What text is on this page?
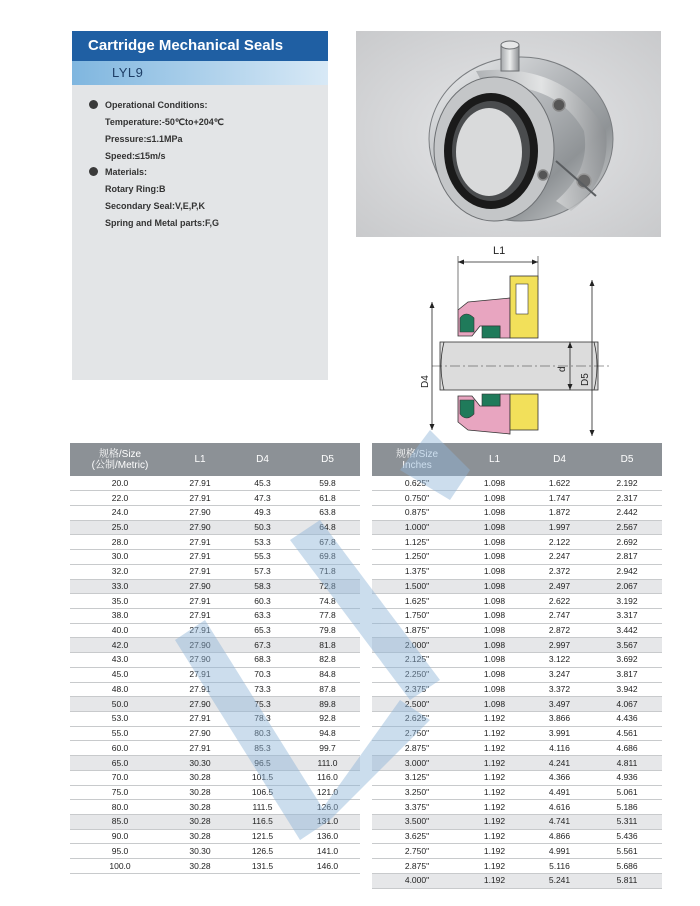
Cartridge Mechanical Seals
LYL9
Operational Conditions:
Temperature:-50℃to+204℃
Pressure:≤1.1MPa
Speed:≤15m/s
Materials:
Rotary Ring:B
Secondary Seal:V,E,P,K
Spring and Metal parts:F,G
L1
D4
d
D5
规格/Size
(公制/Metric)	L1	D4	D5
20.0	27.91	45.3	59.8
22.0	27.91	47.3	61.8
24.0	27.90	49.3	63.8
25.0	27.90	50.3	64.8
28.0	27.91	53.3	67.8
30.0	27.91	55.3	69.8
32.0	27.91	57.3	71.8
33.0	27.90	58.3	72.8
35.0	27.91	60.3	74.8
38.0	27.91	63.3	77.8
40.0	27.91	65.3	79.8
42.0	27.90	67.3	81.8
43.0	27.90	68.3	82.8
45.0	27.91	70.3	84.8
48.0	27.91	73.3	87.8
50.0	27.90	75.3	89.8
53.0	27.91	78.3	92.8
55.0	27.90	80.3	94.8
60.0	27.91	85.3	99.7
65.0	30.30	96.5	111.0
70.0	30.28	101.5	116.0
75.0	30.28	106.5	121.0
80.0	30.28	111.5	126.0
85.0	30.28	116.5	131.0
90.0	30.28	121.5	136.0
95.0	30.30	126.5	141.0
100.0	30.28	131.5	146.0
规格/Size
Inches	L1	D4	D5
0.625"	1.098	1.622	2.192
0.750"	1.098	1.747	2.317
0.875"	1.098	1.872	2.442
1.000"	1.098	1.997	2.567
1.125"	1.098	2.122	2.692
1.250"	1.098	2.247	2.817
1.375"	1.098	2.372	2.942
1.500"	1.098	2.497	2.067
1.625"	1.098	2.622	3.192
1.750"	1.098	2.747	3.317
1.875"	1.098	2.872	3.442
2.000"	1.098	2.997	3.567
2.125"	1.098	3.122	3.692
2.250"	1.098	3.247	3.817
2.375"	1.098	3.372	3.942
2.500"	1.098	3.497	4.067
2.625"	1.192	3.866	4.436
2.750"	1.192	3.991	4.561
2.875"	1.192	4.116	4.686
3.000"	1.192	4.241	4.811
3.125"	1.192	4.366	4.936
3.250"	1.192	4.491	5.061
3.375"	1.192	4.616	5.186
3.500"	1.192	4.741	5.311
3.625"	1.192	4.866	5.436
2.750"	1.192	4.991	5.561
2.875"	1.192	5.116	5.686
4.000"	1.192	5.241	5.811
